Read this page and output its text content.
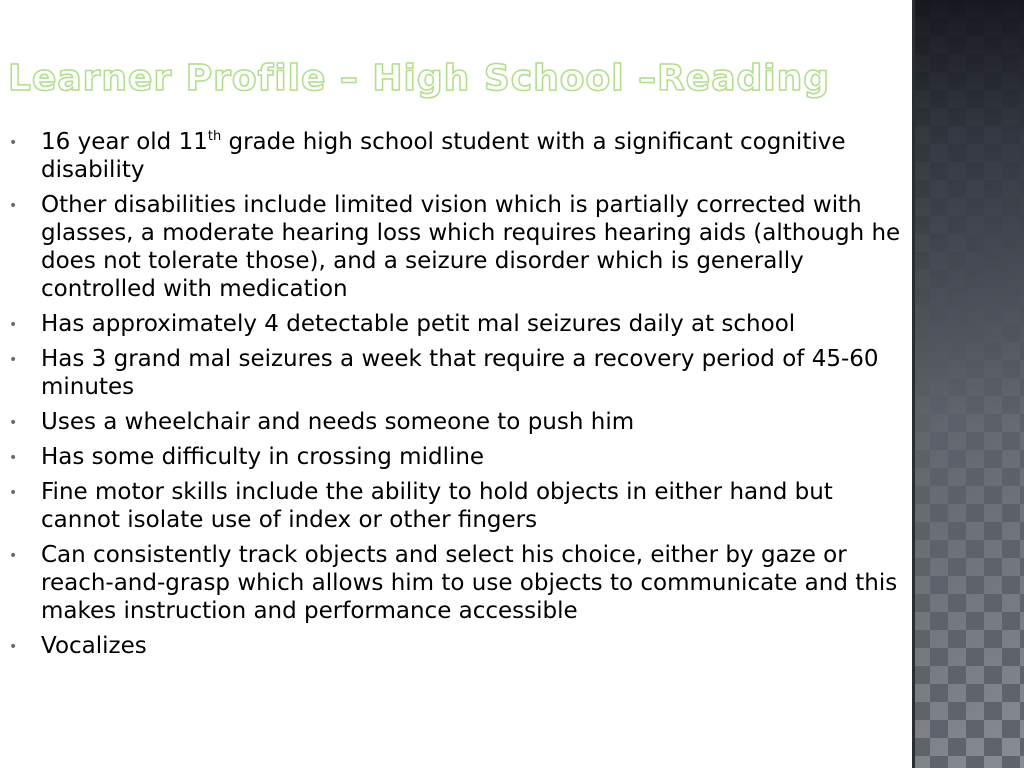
Learner Profile – High School –Reading
• 16 year old 11th grade high school student with a significant cognitive disability
• Other disabilities include limited vision which is partially corrected with glasses, a moderate hearing loss which requires hearing aids (although he does not tolerate those), and a seizure disorder which is generally controlled with medication
• Has approximately 4 detectable petit mal seizures daily at school
• Has 3 grand mal seizures a week that require a recovery period of 45-60 minutes
• Uses a wheelchair and needs someone to push him
• Has some difficulty in crossing midline
• Fine motor skills include the ability to hold objects in either hand but cannot isolate use of index or other fingers
• Can consistently track objects and select his choice, either by gaze or reach-and-grasp which allows him to use objects to communicate and this makes instruction and performance accessible
• Vocalizes
